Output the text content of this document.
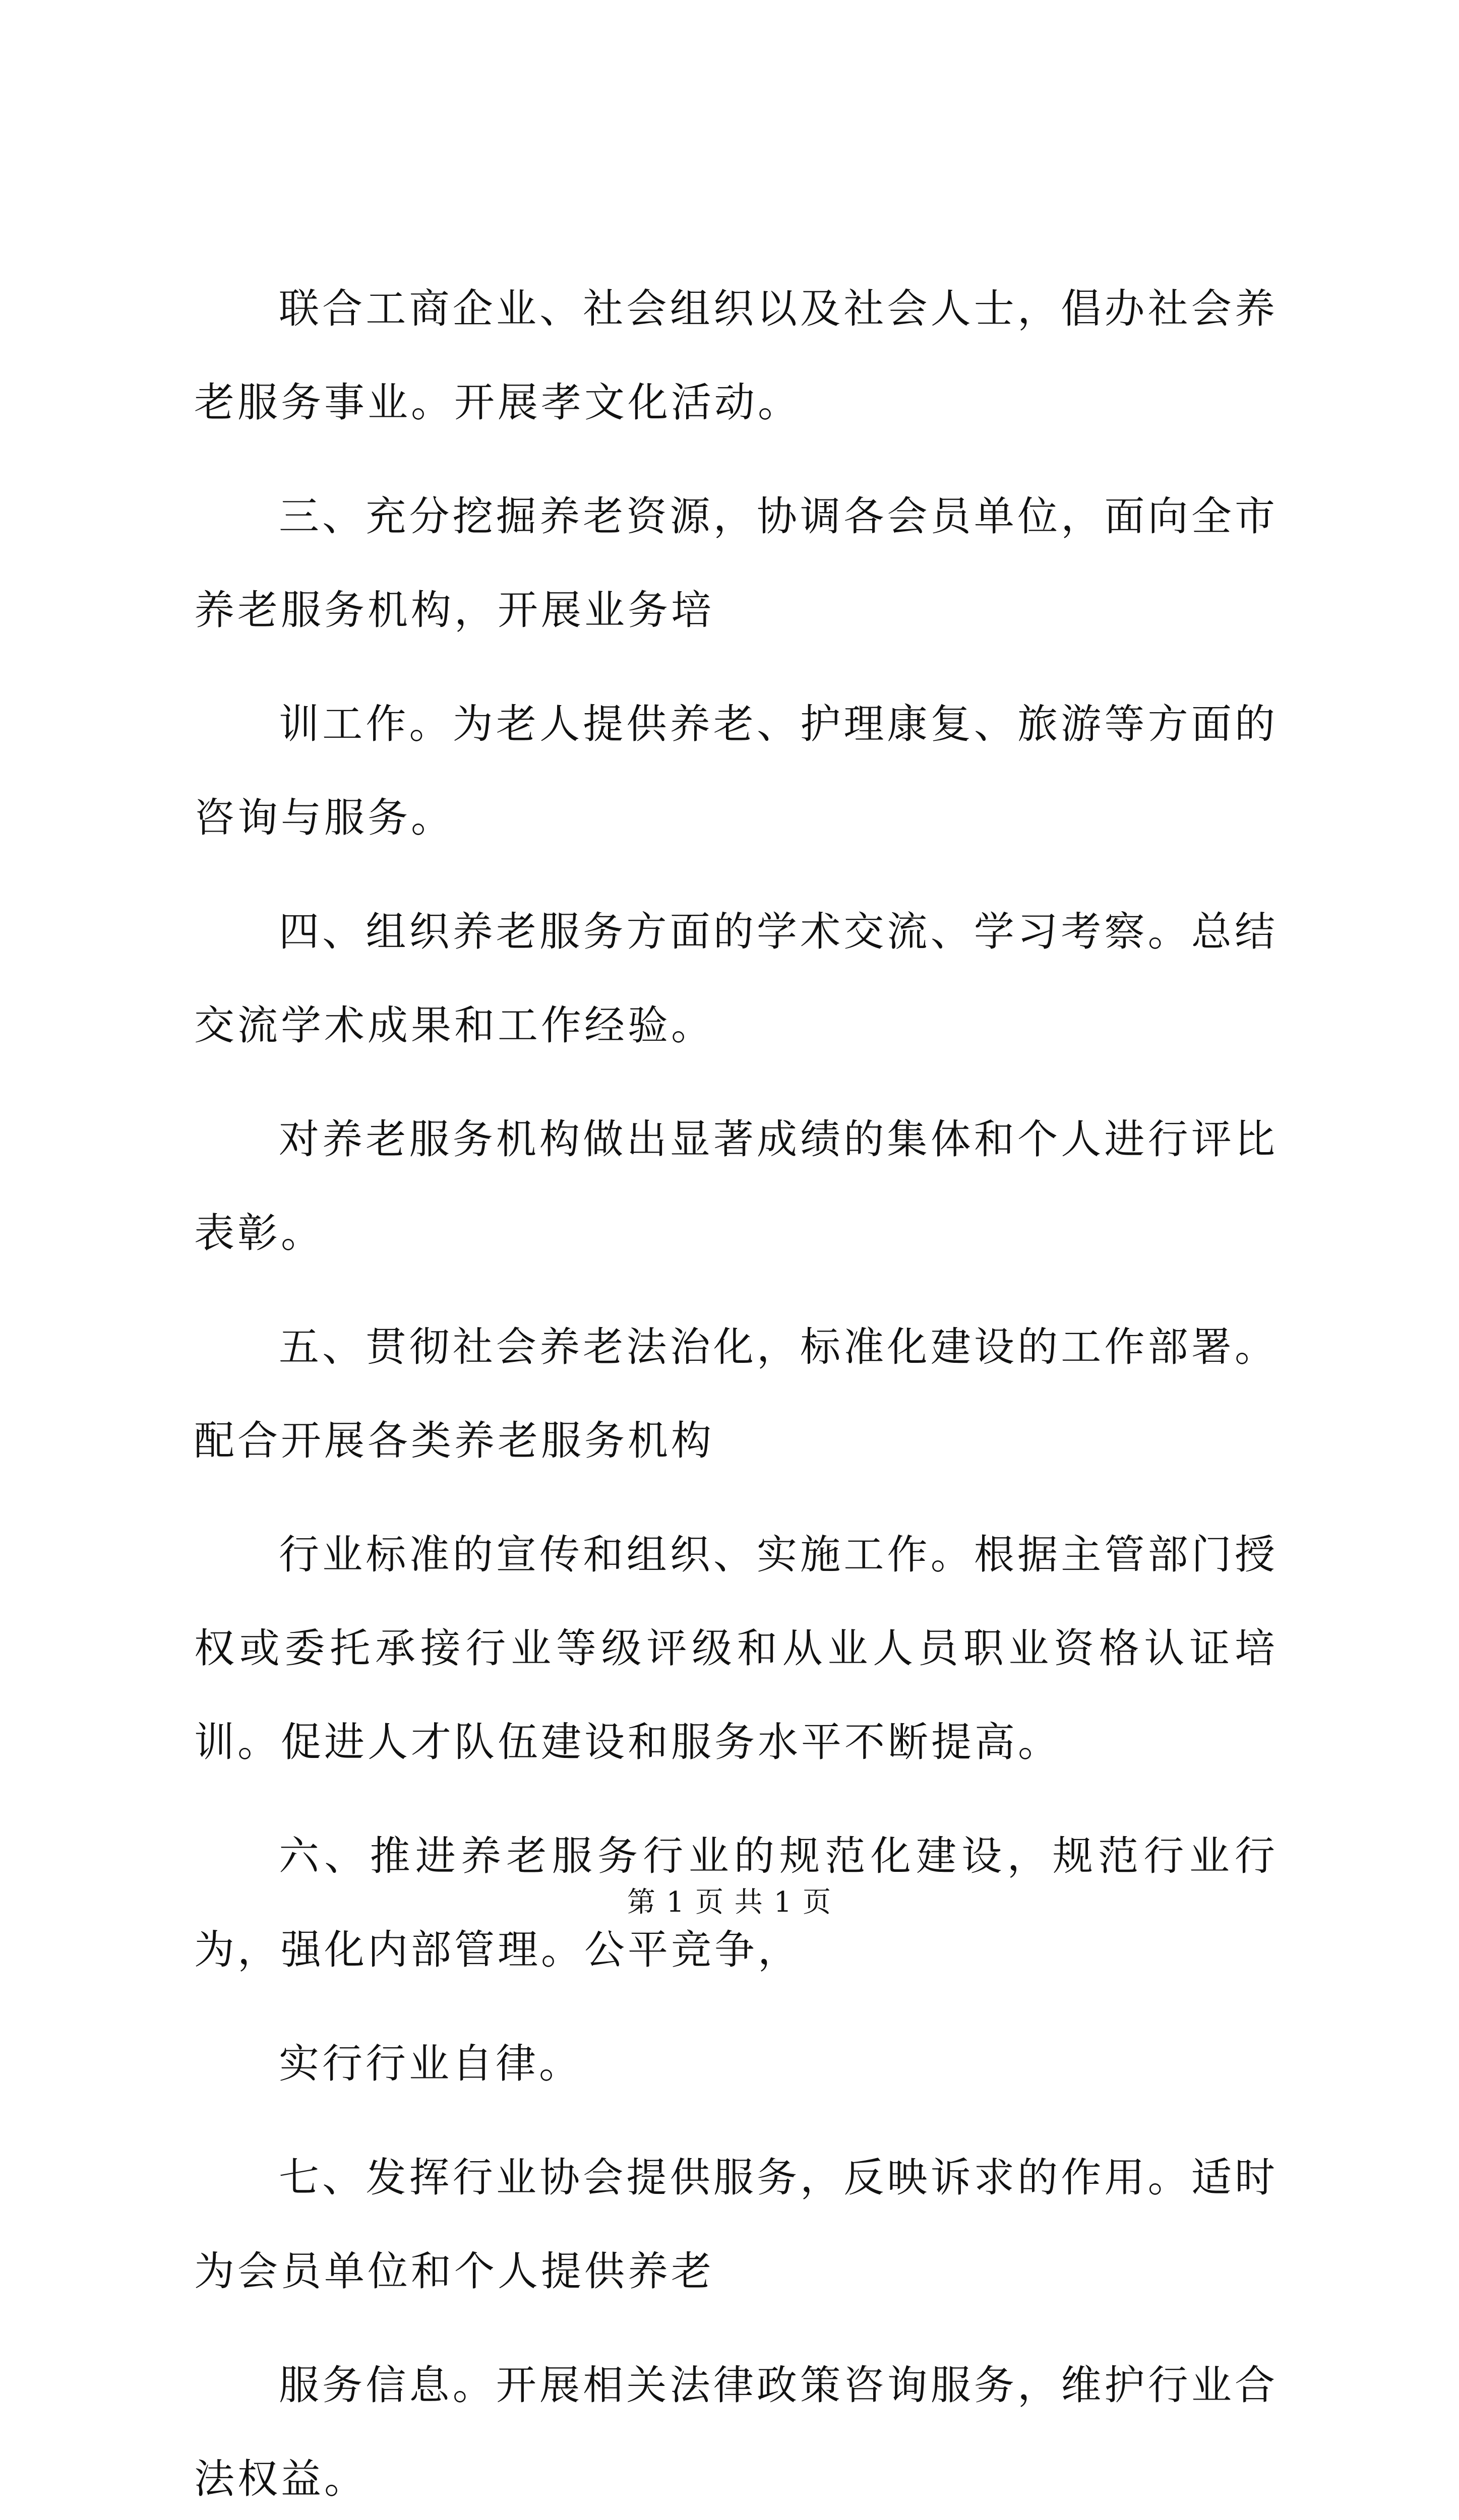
联合工商企业、社会组织以及社会人士，倡办社会养老服务事业。开展孝文化活动。

三、充分挖掘养老资源，协调各会员单位，面向全市养老服务机构，开展业务培

训工作。为老人提供养老、护理康复、旅游等方面的咨询与服务。

四、组织养老服务方面的学术交流、学习考察。总结交流学术成果和工作经验。

对养老服务机构做出显著成绩的集体和个人进行评比表彰。

五、贯彻社会养老法治化，标准化建设的工作部署。配合开展各类养老服务机构

行业标准的宣传和组织、实施工作。根据主管部门授权或委托承接行业等级评级和从业人员职业资格认证培训。促进人才队伍建设和服务水平不断提高。

六、推进养老服务行业的规范化建设，规范行业行为，强化内部管理。公平竞争，

实行行业自律。

七、发挥行业协会提供服务，反映诉求的作用。适时为会员单位和个人提供养老

服务信息。开展相关法律政策咨询服务，维护行业合法权益。

第 1 页 共 1 页
